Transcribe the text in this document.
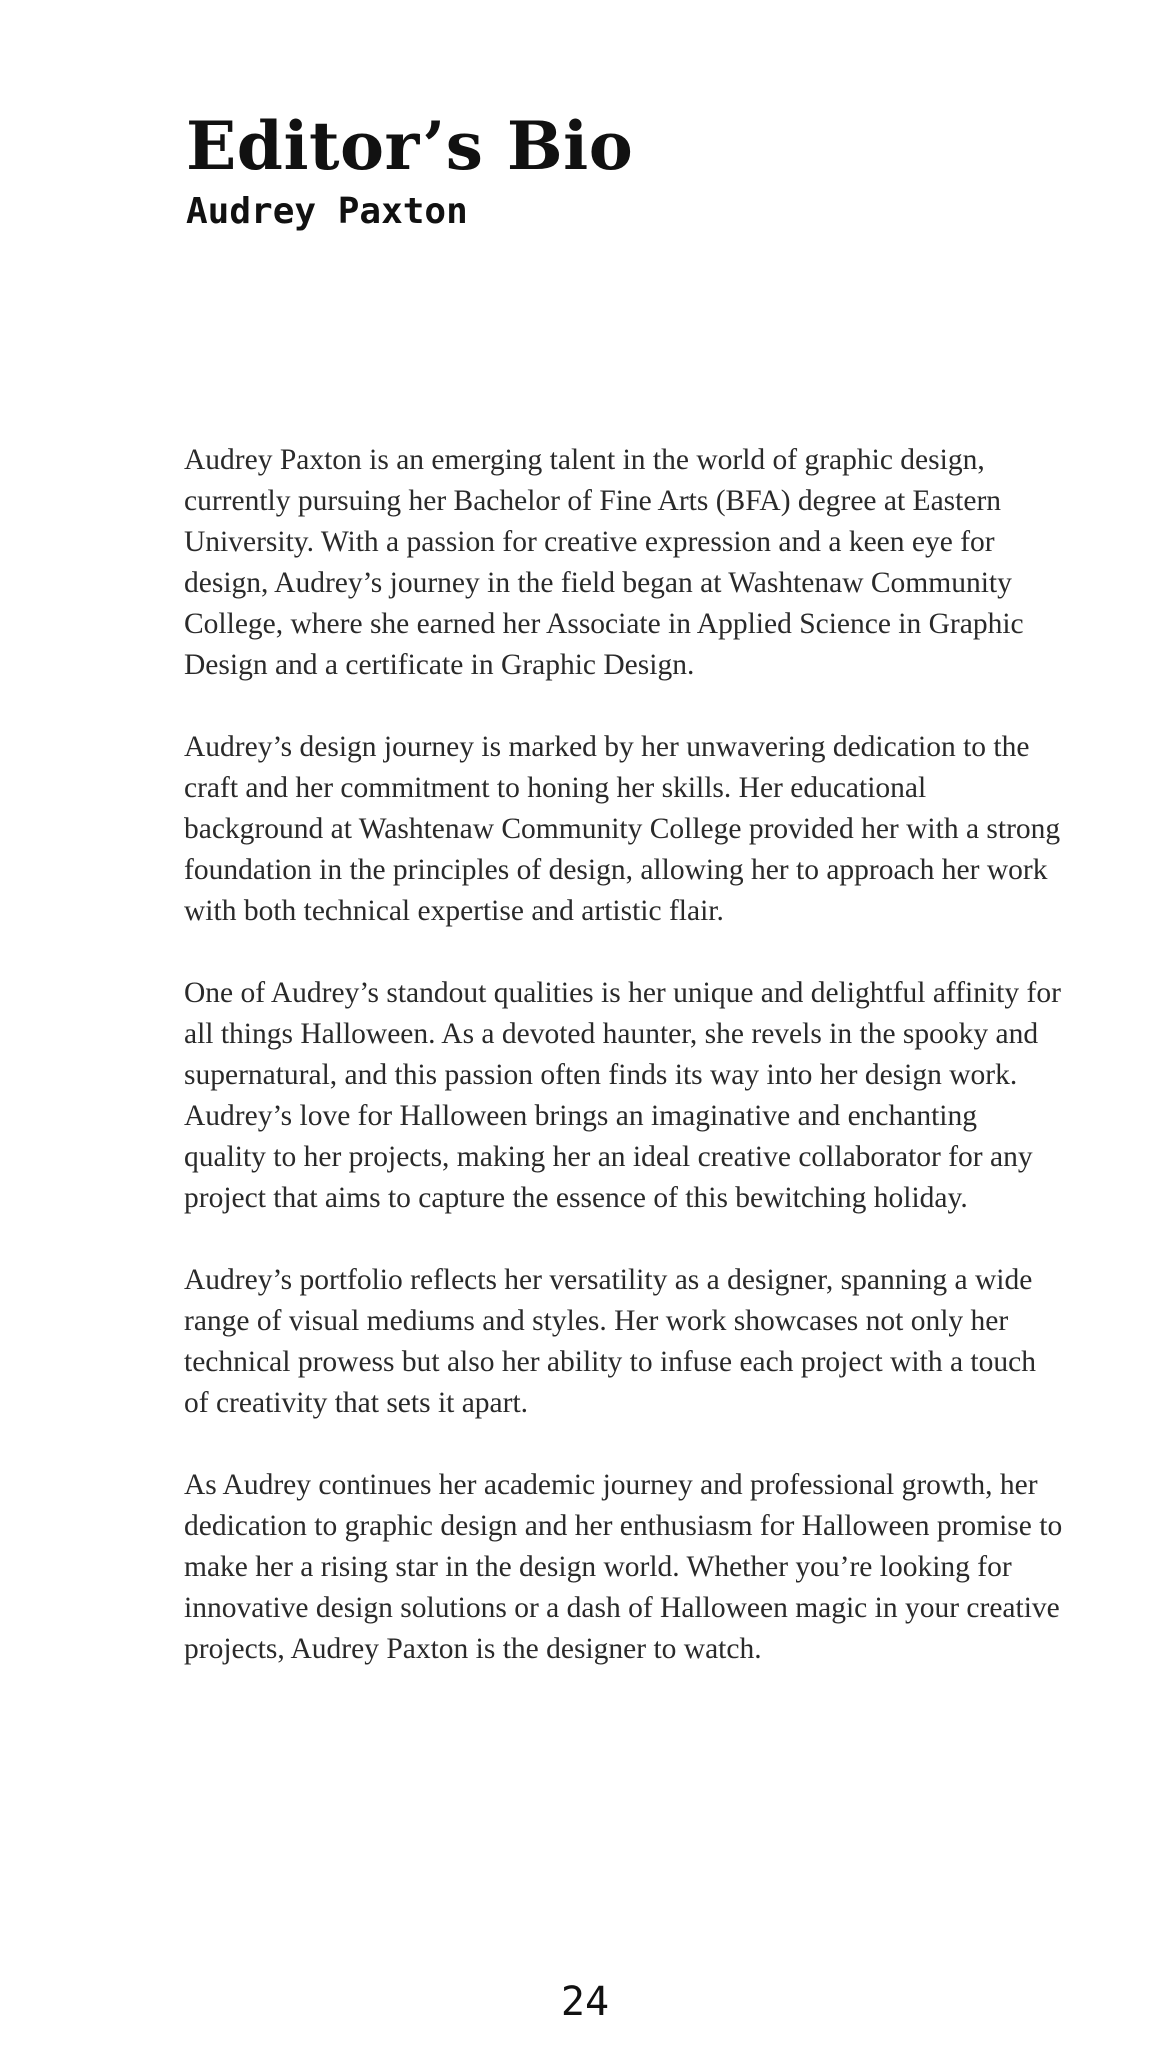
Editor’s Bio
Audrey Paxton

Audrey Paxton is an emerging talent in the world of graphic design, currently pursuing her Bachelor of Fine Arts (BFA) degree at Eastern University. With a passion for creative expression and a keen eye for design, Audrey’s journey in the field began at Washtenaw Community College, where she earned her Associate in Applied Science in Graphic Design and a certificate in Graphic Design.

Audrey’s design journey is marked by her unwavering dedication to the craft and her commitment to honing her skills. Her educational background at Washtenaw Community College provided her with a strong foundation in the principles of design, allowing her to approach her work with both technical expertise and artistic flair.

One of Audrey’s standout qualities is her unique and delightful affinity for all things Halloween. As a devoted haunter, she revels in the spooky and supernatural, and this passion often finds its way into her design work. Audrey’s love for Halloween brings an imaginative and enchanting quality to her projects, making her an ideal creative collaborator for any project that aims to capture the essence of this bewitching holiday.

Audrey’s portfolio reflects her versatility as a designer, spanning a wide range of visual mediums and styles. Her work showcases not only her technical prowess but also her ability to infuse each project with a touch of creativity that sets it apart.

As Audrey continues her academic journey and professional growth, her dedication to graphic design and her enthusiasm for Halloween promise to make her a rising star in the design world. Whether you’re looking for innovative design solutions or a dash of Halloween magic in your creative projects, Audrey Paxton is the designer to watch.

24
